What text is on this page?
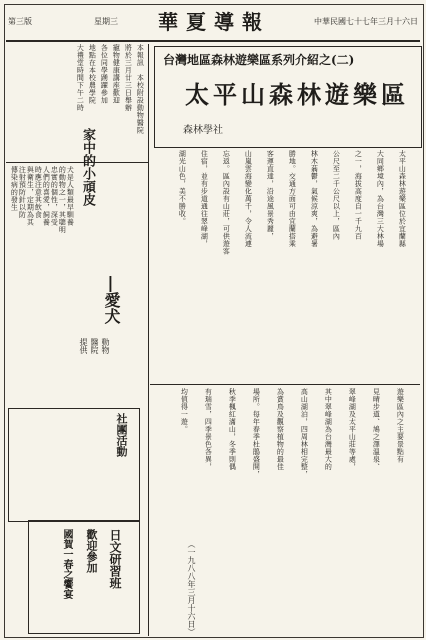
第三版	星期三 華夏導報	中華民國七十七年三月十六日
台灣地區森林遊樂區系列介紹之(二)
太平山森林遊樂區
森林學社
本報訊　本校附設動物醫院
將於三月廿三日舉辦
寵物健康講座歡迎
各位同學踴躍參加
地點在本校農學院
大禮堂時間下午二時
家中的小頑皮
―愛犬
動物醫院提供
犬是人類最早馴養
的動物之一，其聰明
忠實的個性，深受
人們的喜愛，飼養
時應注意其飲食
與衛生，定期為其
注射預防針以防
傳染病的發生
社團活動
日文研習班
歡迎參加
國賀一春之饗宴
太平山森林遊樂區位於宜蘭縣
大同鄉境內，為台灣三大林場
之一，海拔高度自一千九百
公尺至二千公尺以上，區內
林木蓊鬱，氣候涼爽，為避暑
勝地。交通方面可由宜蘭搭乘
客運直達，沿途風景秀麗，
山嵐雲海變化萬千，令人流連
忘返。區內設有山莊，可供遊客
住宿，並有步道通往翠峰湖，
湖光山色，美不勝收。
遊樂區內之主要景點有
見晴步道、鳩之澤溫泉、
翠峰湖及太平山莊等處，
其中翠峰湖為台灣最大的
高山湖泊，四周林相完整，
為賞鳥及觀察植物的最佳
場所。每年春季杜鵑盛開，
秋季楓紅滿山，冬季則偶
有瑞雪，四季景色各異，
均值得一遊。
（一九八八年三月十六日）
